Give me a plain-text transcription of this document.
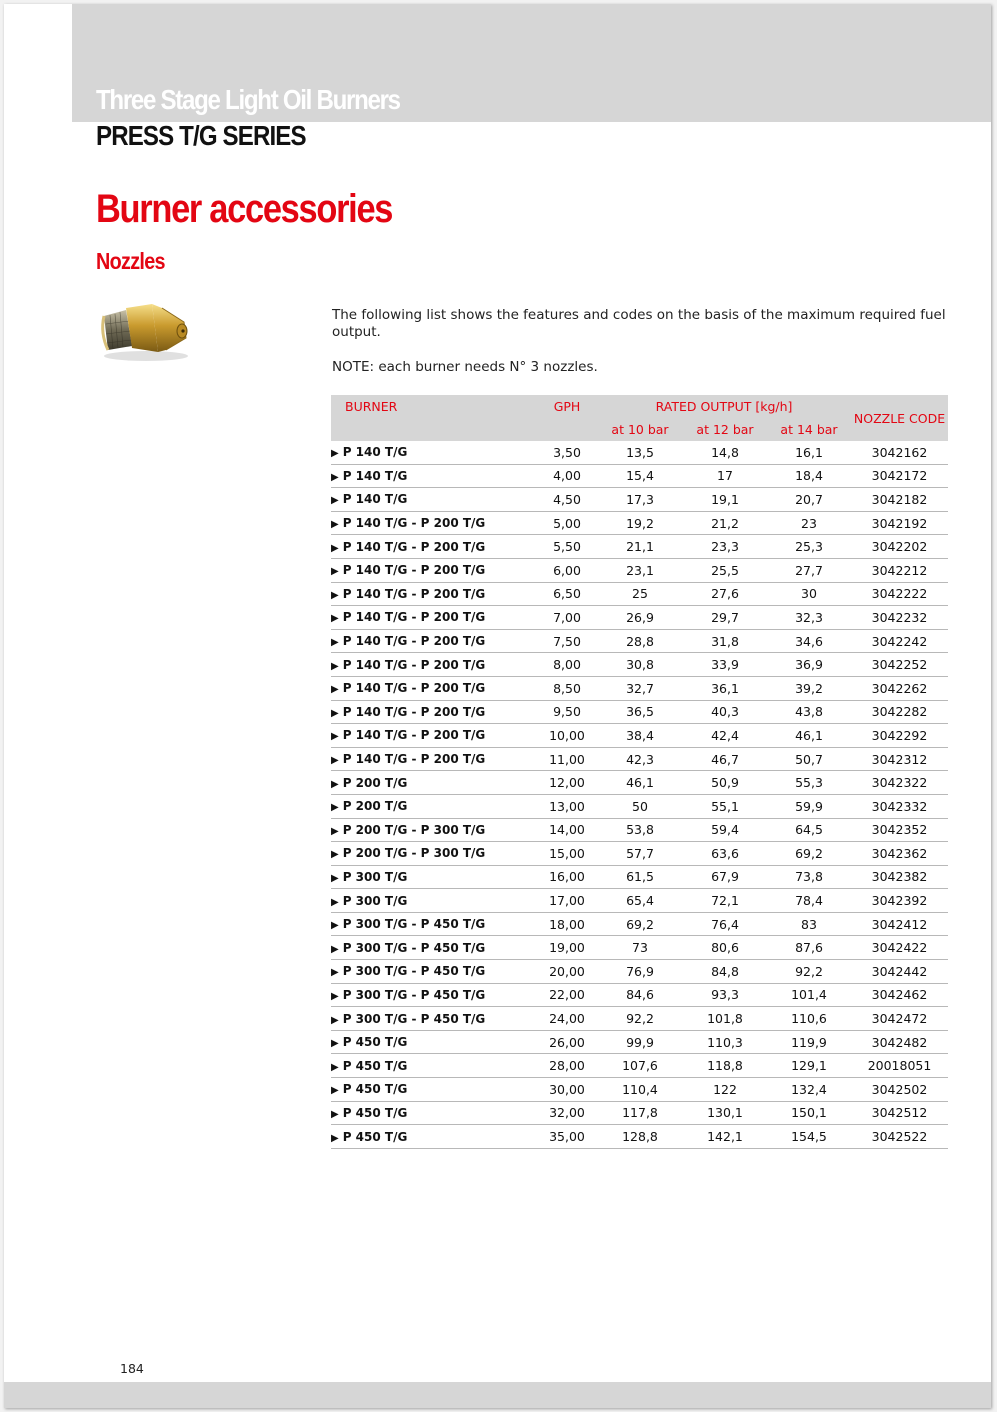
Three Stage Light Oil Burners
PRESS T/G SERIES
Burner accessories
Nozzles
The following list shows the features and codes on the basis of the maximum required fuel output.
NOTE: each burner needs N° 3 nozzles.
BURNER	GPH	RATED OUTPUT [kg/h]			NOZZLE CODE
		at 10 bar	at 12 bar	at 14 bar	
▶ P 140 T/G	3,50	13,5	14,8	16,1	3042162
▶ P 140 T/G	4,00	15,4	17	18,4	3042172
▶ P 140 T/G	4,50	17,3	19,1	20,7	3042182
▶ P 140 T/G - P 200 T/G	5,00	19,2	21,2	23	3042192
▶ P 140 T/G - P 200 T/G	5,50	21,1	23,3	25,3	3042202
▶ P 140 T/G - P 200 T/G	6,00	23,1	25,5	27,7	3042212
▶ P 140 T/G - P 200 T/G	6,50	25	27,6	30	3042222
▶ P 140 T/G - P 200 T/G	7,00	26,9	29,7	32,3	3042232
▶ P 140 T/G - P 200 T/G	7,50	28,8	31,8	34,6	3042242
▶ P 140 T/G - P 200 T/G	8,00	30,8	33,9	36,9	3042252
▶ P 140 T/G - P 200 T/G	8,50	32,7	36,1	39,2	3042262
▶ P 140 T/G - P 200 T/G	9,50	36,5	40,3	43,8	3042282
▶ P 140 T/G - P 200 T/G	10,00	38,4	42,4	46,1	3042292
▶ P 140 T/G - P 200 T/G	11,00	42,3	46,7	50,7	3042312
▶ P 200 T/G	12,00	46,1	50,9	55,3	3042322
▶ P 200 T/G	13,00	50	55,1	59,9	3042332
▶ P 200 T/G - P 300 T/G	14,00	53,8	59,4	64,5	3042352
▶ P 200 T/G - P 300 T/G	15,00	57,7	63,6	69,2	3042362
▶ P 300 T/G	16,00	61,5	67,9	73,8	3042382
▶ P 300 T/G	17,00	65,4	72,1	78,4	3042392
▶ P 300 T/G - P 450 T/G	18,00	69,2	76,4	83	3042412
▶ P 300 T/G - P 450 T/G	19,00	73	80,6	87,6	3042422
▶ P 300 T/G - P 450 T/G	20,00	76,9	84,8	92,2	3042442
▶ P 300 T/G - P 450 T/G	22,00	84,6	93,3	101,4	3042462
▶ P 300 T/G - P 450 T/G	24,00	92,2	101,8	110,6	3042472
▶ P 450 T/G	26,00	99,9	110,3	119,9	3042482
▶ P 450 T/G	28,00	107,6	118,8	129,1	20018051
▶ P 450 T/G	30,00	110,4	122	132,4	3042502
▶ P 450 T/G	32,00	117,8	130,1	150,1	3042512
▶ P 450 T/G	35,00	128,8	142,1	154,5	3042522
184
